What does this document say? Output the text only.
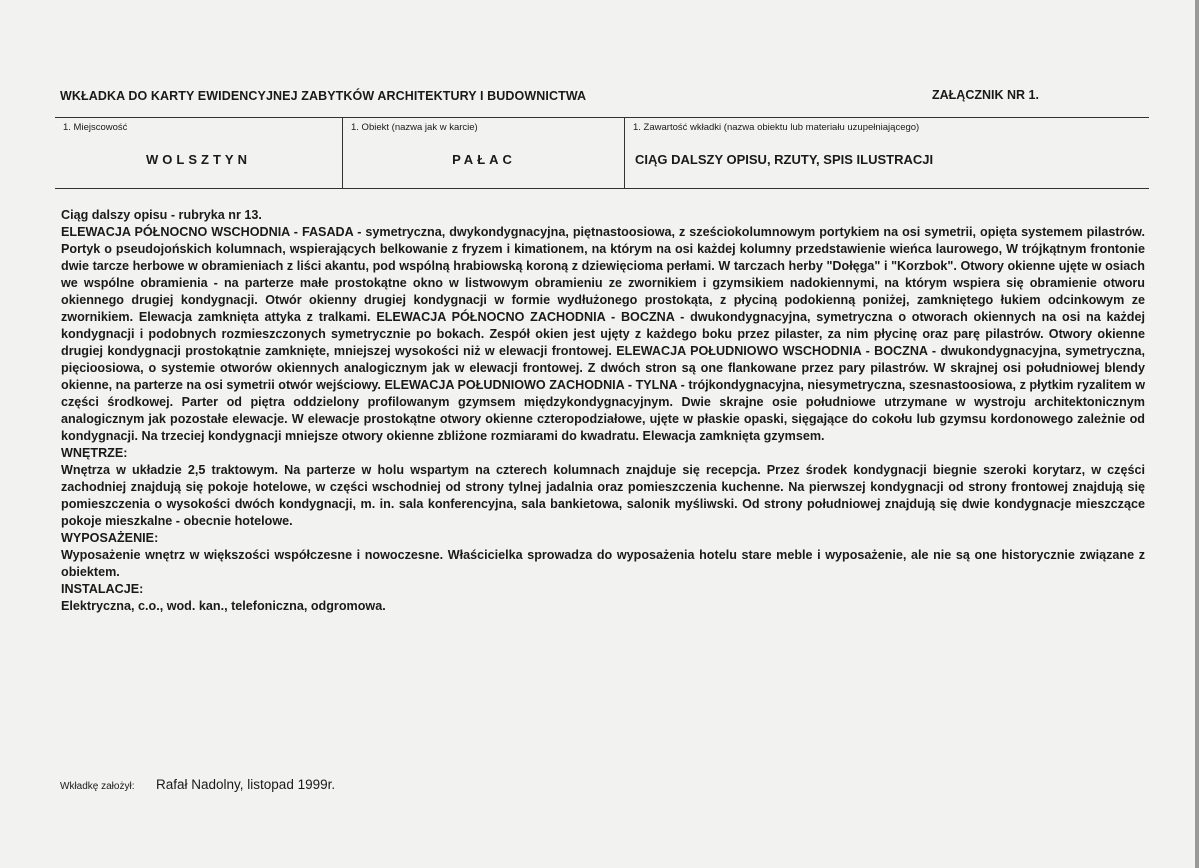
WKŁADKA DO KARTY EWIDENCYJNEJ ZABYTKÓW ARCHITEKTURY I BUDOWNICTWA	ZAŁĄCZNIK NR 1.
1. Miejscowość
WOLSZTYN
1. Obiekt (nazwa jak w karcie)
PAŁAC
1. Zawartość wkładki (nazwa obiektu lub materiału uzupełniającego)
CIĄG DALSZY OPISU, RZUTY, SPIS ILUSTRACJI

Ciąg dalszy opisu - rubryka nr 13.

ELEWACJA PÓŁNOCNO WSCHODNIA - FASADA - symetryczna, dwykondygnacyjna, piętnastoosiowa, z sześciokolumnowym portykiem na osi symetrii, opięta systemem pilastrów. Portyk o pseudojońskich kolumnach, wspierających belkowanie z fryzem i kimationem, na którym na osi każdej kolumny przedstawienie wieńca laurowego, W trójkątnym frontonie dwie tarcze herbowe w obramieniach z liści akantu, pod wspólną hrabiowską koroną z dziewięcioma perłami. W tarczach herby "Dołęga" i "Korzbok". Otwory okienne ujęte w osiach we wspólne obramienia - na parterze małe prostokątne okno w listwowym obramieniu ze zwornikiem i gzymsikiem nadokiennymi, na którym wspiera się obramienie otworu okiennego drugiej kondygnacji. Otwór okienny drugiej kondygnacji w formie wydłużonego prostokąta, z płyciną podokienną poniżej, zamkniętego łukiem odcinkowym ze zwornikiem. Elewacja zamknięta attyka z tralkami. ELEWACJA PÓŁNOCNO ZACHODNIA - BOCZNA - dwukondygnacyjna, symetryczna o otworach okiennych na osi na każdej kondygnacji i podobnych rozmieszczonych symetrycznie po bokach. Zespół okien jest ujęty z każdego boku przez pilaster, za nim płycinę oraz parę pilastrów. Otwory okienne drugiej kondygnacji prostokątnie zamknięte, mniejszej wysokości niż w elewacji frontowej. ELEWACJA POŁUDNIOWO WSCHODNIA - BOCZNA - dwukondygnacyjna, symetryczna, pięcioosiowa, o systemie otworów okiennych analogicznym jak w elewacji frontowej. Z dwóch stron są one flankowane przez pary pilastrów. W skrajnej osi południowej blendy okienne, na parterze na osi symetrii otwór wejściowy. ELEWACJA POŁUDNIOWO ZACHODNIA - TYLNA - trójkondygnacyjna, niesymetryczna, szesnastoosiowa, z płytkim ryzalitem w części środkowej. Parter od piętra oddzielony profilowanym gzymsem międzykondygnacyjnym. Dwie skrajne osie południowe utrzymane w wystroju architektonicznym analogicznym jak pozostałe elewacje. W elewacje prostokątne otwory okienne czteropodziałowe, ujęte w płaskie opaski, sięgające do cokołu lub gzymsu kordonowego zależnie od kondygnacji. Na trzeciej kondygnacji mniejsze otwory okienne zbliżone rozmiarami do kwadratu. Elewacja zamknięta gzymsem.

WNĘTRZE:

Wnętrza w układzie 2,5 traktowym. Na parterze w holu wspartym na czterech kolumnach znajduje się recepcja. Przez środek kondygnacji biegnie szeroki korytarz, w części zachodniej znajdują się pokoje hotelowe, w części wschodniej od strony tylnej jadalnia oraz pomieszczenia kuchenne. Na pierwszej kondygnacji od strony frontowej znajdują się pomieszczenia o wysokości dwóch kondygnacji, m. in. sala konferencyjna, sala bankietowa, salonik myśliwski. Od strony południowej znajdują się dwie kondygnacje mieszczące pokoje mieszkalne - obecnie hotelowe.

WYPOSAŻENIE:

Wyposażenie wnętrz w większości współczesne i nowoczesne. Właścicielka sprowadza do wyposażenia hotelu stare meble i wyposażenie, ale nie są one historycznie związane z obiektem.

INSTALACJE:

Elektryczna, c.o., wod. kan., telefoniczna, odgromowa.

Wkładkę założył: Rafał Nadolny, listopad 1999r.
